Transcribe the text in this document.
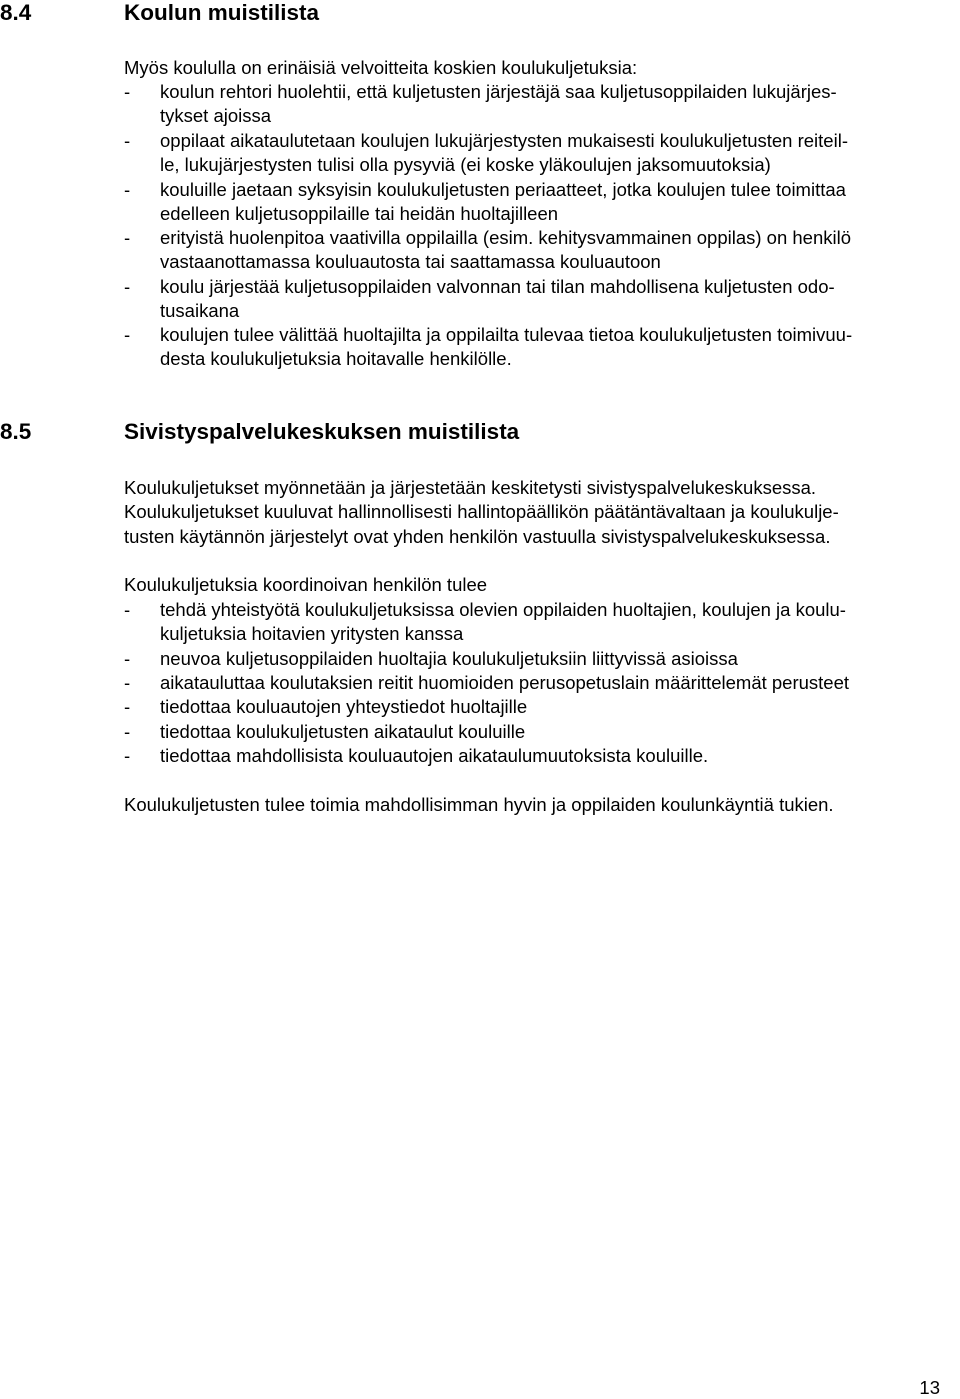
8.4	Koulun muistilista
Myös koululla on erinäisiä velvoitteita koskien koulukuljetuksia:
- koulun rehtori huolehtii, että kuljetusten järjestäjä saa kuljetusoppilaiden lukujärjes-
tykset ajoissa
- oppilaat aikataulutetaan koulujen lukujärjestysten mukaisesti koulukuljetusten reiteil-
le, lukujärjestysten tulisi olla pysyviä (ei koske yläkoulujen jaksomuutoksia)
- kouluille jaetaan syksyisin koulukuljetusten periaatteet, jotka koulujen tulee toimittaa
edelleen kuljetusoppilaille tai heidän huoltajilleen
- erityistä huolenpitoa vaativilla oppilailla (esim. kehitysvammainen oppilas) on henkilö
vastaanottamassa kouluautosta tai saattamassa kouluautoon
- koulu järjestää kuljetusoppilaiden valvonnan tai tilan mahdollisena kuljetusten odo-
tusaikana
- koulujen tulee välittää huoltajilta ja oppilailta tulevaa tietoa koulukuljetusten toimivuu-
desta koulukuljetuksia hoitavalle henkilölle.
8.5	Sivistyspalvelukeskuksen muistilista
Koulukuljetukset myönnetään ja järjestetään keskitetysti sivistyspalvelukeskuksessa.
Koulukuljetukset kuuluvat hallinnollisesti hallintopäällikön päätäntävaltaan ja koulukulje-
tusten käytännön järjestelyt ovat yhden henkilön vastuulla sivistyspalvelukeskuksessa.
Koulukuljetuksia koordinoivan henkilön tulee
- tehdä yhteistyötä koulukuljetuksissa olevien oppilaiden huoltajien, koulujen ja koulu-
kuljetuksia hoitavien yritysten kanssa
- neuvoa kuljetusoppilaiden huoltajia koulukuljetuksiin liittyvissä asioissa
- aikatauluttaa koulutaksien reitit huomioiden perusopetuslain määrittelemät perusteet
- tiedottaa kouluautojen yhteystiedot huoltajille
- tiedottaa koulukuljetusten aikataulut kouluille
- tiedottaa mahdollisista kouluautojen aikataulumuutoksista kouluille.
Koulukuljetusten tulee toimia mahdollisimman hyvin ja oppilaiden koulunkäyntiä tukien.
13
